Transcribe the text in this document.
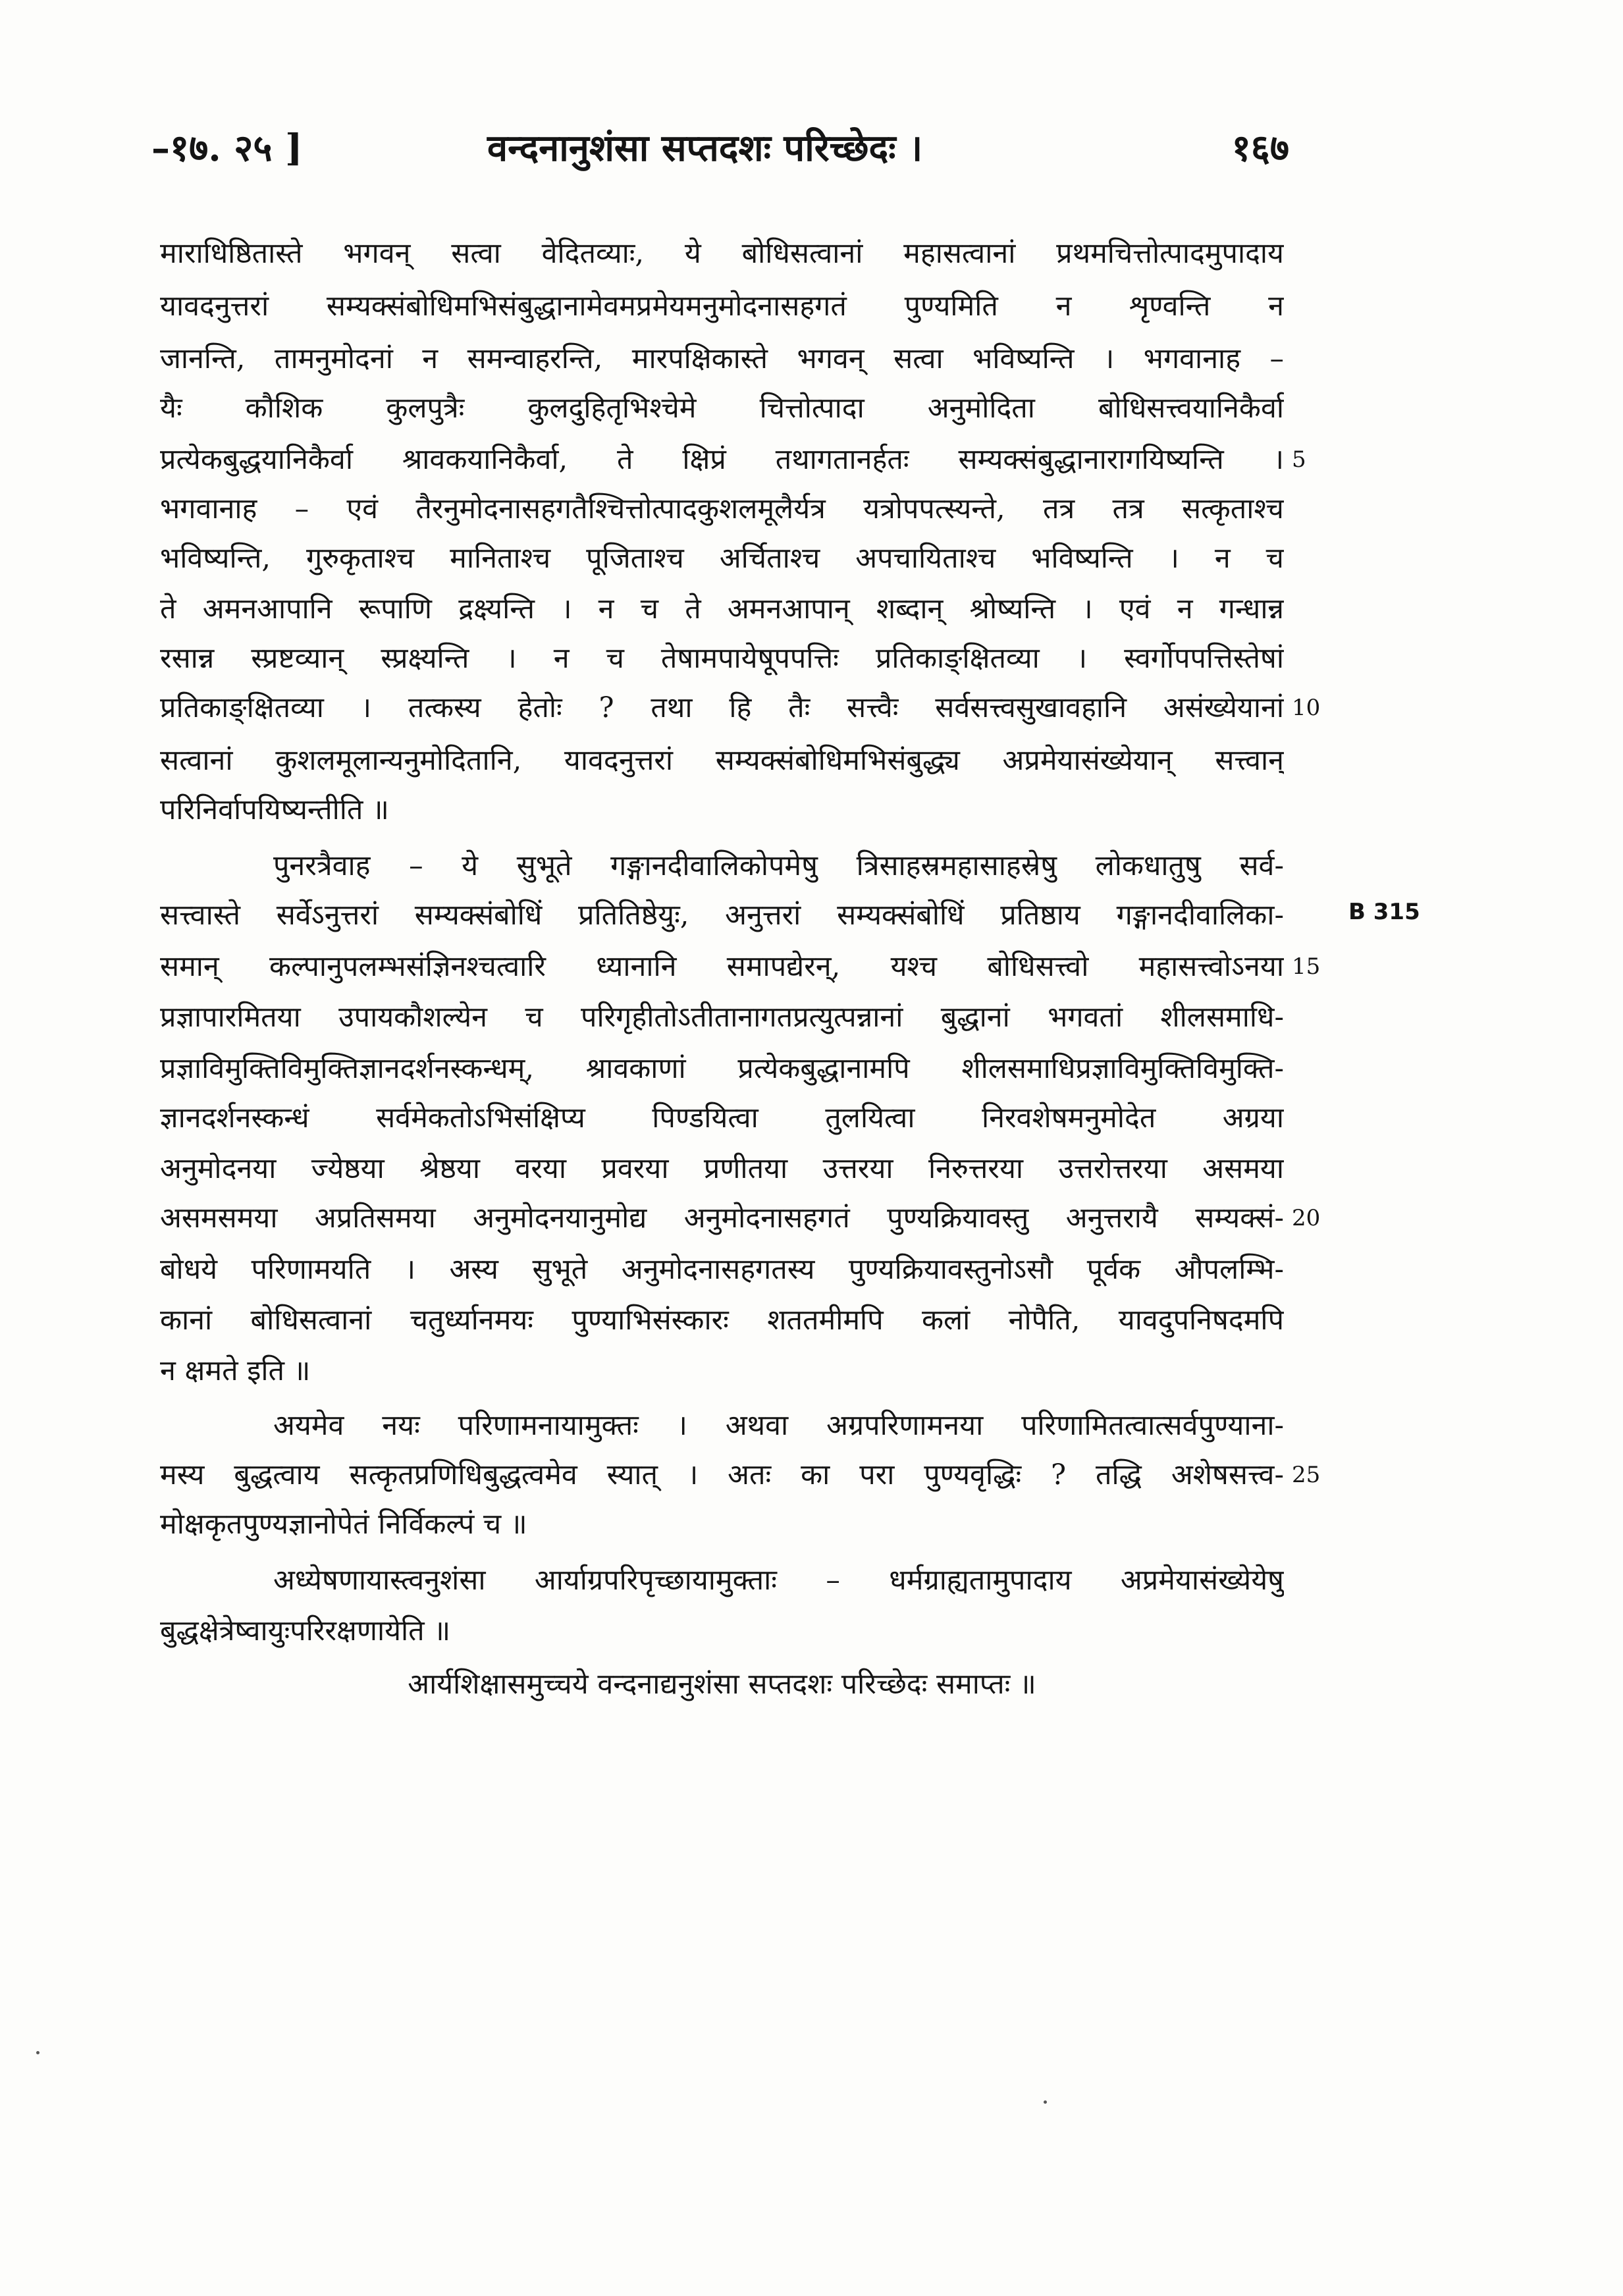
–१७. २५ ]	वन्दनानुशंसा सप्तदशः परिच्छेदः ।	१६७
माराधिष्ठितास्ते भगवन् सत्वा वेदितव्याः, ये बोधिसत्वानां महासत्वानां प्रथमचित्तोत्पादमुपादाय
यावदनुत्तरां सम्यक्संबोधिमभिसंबुद्धानामेवमप्रमेयमनुमोदनासहगतं पुण्यमिति न शृण्वन्ति न
जानन्ति, तामनुमोदनां न समन्वाहरन्ति, मारपक्षिकास्ते भगवन् सत्वा भविष्यन्ति । भगवानाह –
यैः कौशिक कुलपुत्रैः कुलदुहितृभिश्चेमे चित्तोत्पादा अनुमोदिता बोधिसत्त्वयानिकैर्वा
प्रत्येकबुद्धयानिकैर्वा श्रावकयानिकैर्वा, ते क्षिप्रं तथागतानर्हतः सम्यक्संबुद्धानारागयिष्यन्ति । 5
भगवानाह – एवं तैरनुमोदनासहगतैश्चित्तोत्पादकुशलमूलैर्यत्र यत्रोपपत्स्यन्ते, तत्र तत्र सत्कृताश्च
भविष्यन्ति, गुरुकृताश्च मानिताश्च पूजिताश्च अर्चिताश्च अपचायिताश्च भविष्यन्ति । न च
ते अमनआपानि रूपाणि द्रक्ष्यन्ति । न च ते अमनआपान् शब्दान् श्रोष्यन्ति । एवं न गन्धान्न
रसान्न स्प्रष्टव्यान् स्प्रक्ष्यन्ति । न च तेषामपायेषूपपत्तिः प्रतिकाङ्क्षितव्या । स्वर्गोपपत्तिस्तेषां
प्रतिकाङ्क्षितव्या । तत्कस्य हेतोः ? तथा हि तैः सत्त्वैः सर्वसत्त्वसुखावहानि असंख्येयानां 10
सत्वानां कुशलमूलान्यनुमोदितानि, यावदनुत्तरां सम्यक्संबोधिमभिसंबुद्ध्य अप्रमेयासंख्येयान् सत्त्वान्
परिनिर्वापयिष्यन्तीति ॥
पुनरत्रैवाह – ये सुभूते गङ्गानदीवालिकोपमेषु त्रिसाहस्रमहासाहस्रेषु लोकधातुषु सर्व-
सत्त्वास्ते सर्वेऽनुत्तरां सम्यक्संबोधिं प्रतितिष्ठेयुः, अनुत्तरां सम्यक्संबोधिं प्रतिष्ठाय गङ्गानदीवालिका-	B 315
समान् कल्पानुपलम्भसंज्ञिनश्चत्वारि ध्यानानि समापद्येरन्, यश्च बोधिसत्त्वो महासत्त्वोऽनया 15
प्रज्ञापारमितया उपायकौशल्येन च परिगृहीतोऽतीतानागतप्रत्युत्पन्नानां बुद्धानां भगवतां शीलसमाधि-
प्रज्ञाविमुक्तिविमुक्तिज्ञानदर्शनस्कन्धम्, श्रावकाणां प्रत्येकबुद्धानामपि शीलसमाधिप्रज्ञाविमुक्तिविमुक्ति-
ज्ञानदर्शनस्कन्धं सर्वमेकतोऽभिसंक्षिप्य पिण्डयित्वा तुलयित्वा निरवशेषमनुमोदेत अग्रया
अनुमोदनया ज्येष्ठया श्रेष्ठया वरया प्रवरया प्रणीतया उत्तरया निरुत्तरया उत्तरोत्तरया असमया
असमसमया अप्रतिसमया अनुमोदनयानुमोद्य अनुमोदनासहगतं पुण्यक्रियावस्तु अनुत्तरायै सम्यक्सं- 20
बोधये परिणामयति । अस्य सुभूते अनुमोदनासहगतस्य पुण्यक्रियावस्तुनोऽसौ पूर्वक औपलम्भि-
कानां बोधिसत्वानां चतुर्ध्यानमयः पुण्याभिसंस्कारः शततमीमपि कलां नोपैति, यावदुपनिषदमपि
न क्षमते इति ॥
अयमेव नयः परिणामनायामुक्तः । अथवा अग्रपरिणामनया परिणामितत्वात्सर्वपुण्याना-
मस्य बुद्धत्वाय सत्कृतप्रणिधिबुद्धत्वमेव स्यात् । अतः का परा पुण्यवृद्धिः ? तद्धि अशेषसत्त्व- 25
मोक्षकृतपुण्यज्ञानोपेतं निर्विकल्पं च ॥
अध्येषणायास्त्वनुशंसा आर्याग्रपरिपृच्छायामुक्ताः – धर्मग्राह्यतामुपादाय अप्रमेयासंख्येयेषु
बुद्धक्षेत्रेष्वायुःपरिरक्षणायेति ॥
आर्यशिक्षासमुच्चये वन्दनाद्यनुशंसा सप्तदशः परिच्छेदः समाप्तः ॥
